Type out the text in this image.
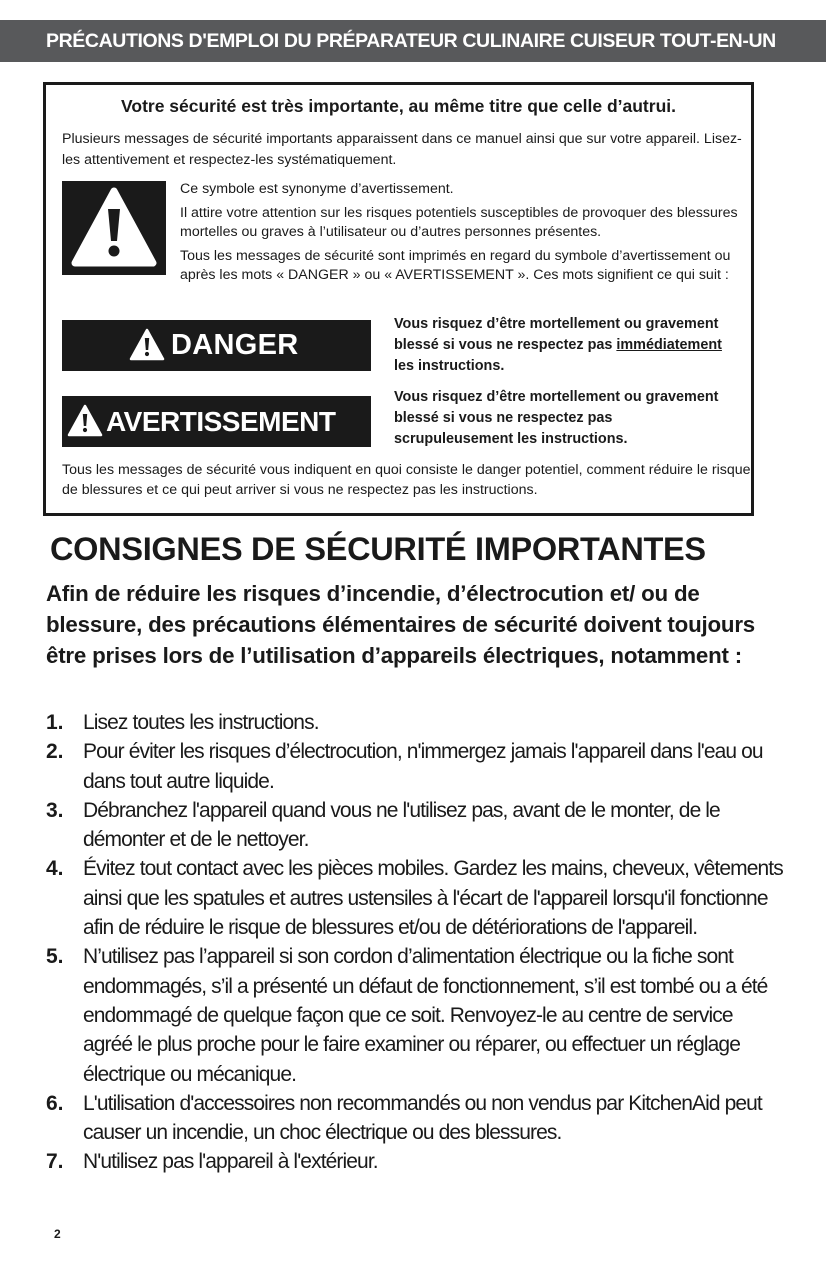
PRÉCAUTIONS D'EMPLOI DU PRÉPARATEUR CULINAIRE CUISEUR TOUT-EN-UN
Votre sécurité est très importante, au même titre que celle d’autrui.
Plusieurs messages de sécurité importants apparaissent dans ce manuel ainsi que sur votre appareil. Lisez-les attentivement et respectez-les systématiquement.

Ce symbole est synonyme d’avertissement.

Il attire votre attention sur les risques potentiels susceptibles de provoquer des blessures mortelles ou graves à l’utilisateur ou d’autres personnes présentes.

Tous les messages de sécurité sont imprimés en regard du symbole d’avertissement ou après les mots « DANGER » ou « AVERTISSEMENT ». Ces mots signifient ce qui suit :

DANGER
Vous risquez d’être mortellement ou gravement blessé si vous ne respectez pas immédiatement les instructions.
AVERTISSEMENT
Vous risquez d’être mortellement ou gravement blessé si vous ne respectez pas scrupuleusement les instructions.
Tous les messages de sécurité vous indiquent en quoi consiste le danger potentiel, comment réduire le risque de blessures et ce qui peut arriver si vous ne respectez pas les instructions.
CONSIGNES DE SÉCURITÉ IMPORTANTES
Afin de réduire les risques d’incendie, d’électrocution et/ ou de blessure, des précautions élémentaires de sécurité doivent toujours être prises lors de l’utilisation d’appareils électriques, notamment :
1. Lisez toutes les instructions.
2. Pour éviter les risques d’électrocution, n'immergez jamais l'appareil dans l'eau ou dans tout autre liquide.
3. Débranchez l'appareil quand vous ne l'utilisez pas, avant de le monter, de le démonter et de le nettoyer.
4. Évitez tout contact avec les pièces mobiles. Gardez les mains, cheveux, vêtements ainsi que les spatules et autres ustensiles à l'écart de l'appareil lorsqu'il fonctionne afin de réduire le risque de blessures et/ou de détériorations de l'appareil.
5. N’utilisez pas l’appareil si son cordon d’alimentation électrique ou la fiche sont endommagés, s’il a présenté un défaut de fonctionnement, s’il est tombé ou a été endommagé de quelque façon que ce soit. Renvoyez-le au centre de service agréé le plus proche pour le faire examiner ou réparer, ou effectuer un réglage électrique ou mécanique.
6. L'utilisation d'accessoires non recommandés ou non vendus par KitchenAid peut causer un incendie, un choc électrique ou des blessures.
7. N'utilisez pas l'appareil à l'extérieur.
2
